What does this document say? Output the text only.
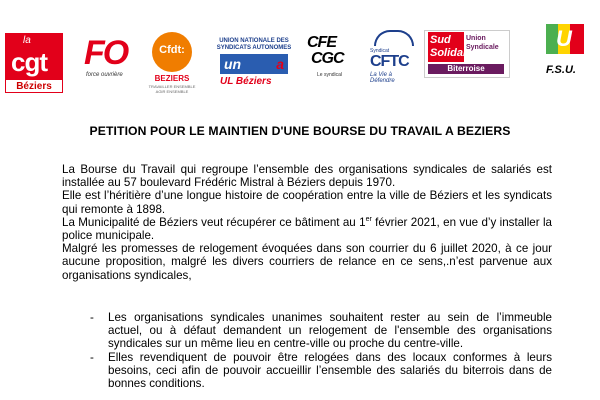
la
cgt
Béziers
FO
force ouvrière
Cfdt:
BEZIERS
TRAVAILLER ENSEMBLE AGIR ENSEMBLE
UNION NATIONALE DES SYNDICATS AUTONOMES
un	a
UL Béziers
CFE
CGC
Le syndical
Syndicat
CFTC
La Vie à Défendre
Sud
Solidaires
Union
Syndicale
Biterroise
U
F.S.U.
PETITION POUR LE MAINTIEN D'UNE BOURSE DU TRAVAIL A BEZIERS

La Bourse du Travail qui regroupe l’ensemble des organisations syndicales de salariés est installée au 57 boulevard Frédéric Mistral à Béziers depuis 1970.

Elle est l’héritière d’une longue histoire de coopération entre la ville de Béziers et les syndicats qui remonte à 1898.

La Municipalité de Béziers veut récupérer ce bâtiment au 1er février 2021, en vue d’y installer la police municipale.

Malgré les promesses de relogement évoquées dans son courrier du 6 juillet 2020, à ce jour aucune proposition, malgré les divers courriers de relance en ce sens,.n’est parvenue aux organisations syndicales,

- Les organisations syndicales unanimes souhaitent rester au sein de l’immeuble actuel, ou à défaut demandent un relogement de l'ensemble des organisations syndicales sur un même lieu en centre-ville ou proche du centre-ville.
- Elles revendiquent de pouvoir être relogées dans des locaux conformes à leurs besoins, ceci afin de pouvoir accueillir l’ensemble des salariés du biterrois dans de bonnes conditions.
